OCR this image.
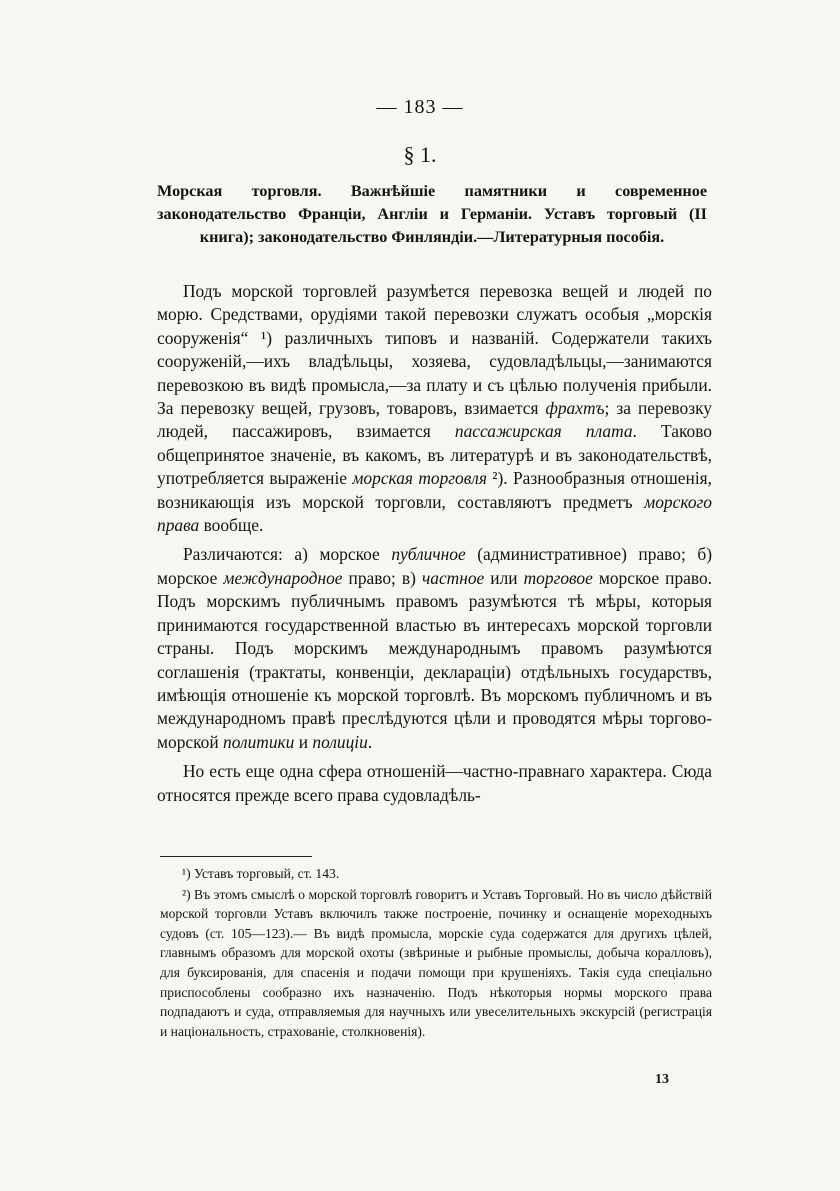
— 183 —
§ 1.
Морская торговля. Важнѣйшіе памятники и современное законодательство Франціи, Англіи и Германіи. Уставъ торговый (II книга); законодательство Финляндіи.—Литературныя пособія.

Подъ морской торговлей разумѣется перевозка вещей и людей по морю. Средствами, орудіями такой перевозки служатъ особыя „морскія сооруженія“ ¹) различныхъ типовъ и названій. Содержатели такихъ сооруженій,—ихъ владѣльцы, хозяева, судовладѣльцы,—занимаются перевозкою въ видѣ промысла,—за плату и съ цѣлью полученія прибыли. За перевозку вещей, грузовъ, товаровъ, взимается фрахтъ; за перевозку людей, пассажировъ, взимается пассажирская плата. Таково общепринятое значеніе, въ какомъ, въ литературѣ и въ законодательствѣ, употребляется выраженіе морская торговля ²). Разнообразныя отношенія, возникающія изъ морской торговли, составляютъ предметъ морского права вообще.

Различаются: а) морское публичное (административное) право; б) морское международное право; в) частное или торговое морское право. Подъ морскимъ публичнымъ правомъ разумѣются тѣ мѣры, которыя принимаются государственной властью въ интересахъ морской торговли страны. Подъ морскимъ международнымъ правомъ разумѣются соглашенія (трактаты, конвенціи, деклараціи) отдѣльныхъ государствъ, имѣющія отношеніе къ морской торговлѣ. Въ морскомъ публичномъ и въ международномъ правѣ преслѣдуются цѣли и проводятся мѣры торгово-морской политики и полиціи.

Но есть еще одна сфера отношеній—частно-правнаго характера. Сюда относятся прежде всего права судовладѣль-

¹) Уставъ торговый, ст. 143.

²) Въ этомъ смыслѣ о морской торговлѣ говоритъ и Уставъ Торговый. Но въ число дѣйствій морской торговли Уставъ включилъ также построеніе, починку и оснащеніе мореходныхъ судовъ (ст. 105—123).— Въ видѣ промысла, морскіе суда содержатся для другихъ цѣлей, главнымъ образомъ для морской охоты (звѣриные и рыбные промыслы, добыча коралловъ), для буксированія, для спасенія и подачи помощи при крушеніяхъ. Такія суда спеціально приспособлены сообразно ихъ назначенію. Подъ нѣкоторыя нормы морского права подпадаютъ и суда, отправляемыя для научныхъ или увеселительныхъ экскурсій (регистрація и національность, страхованіе, столкновенія).

13
